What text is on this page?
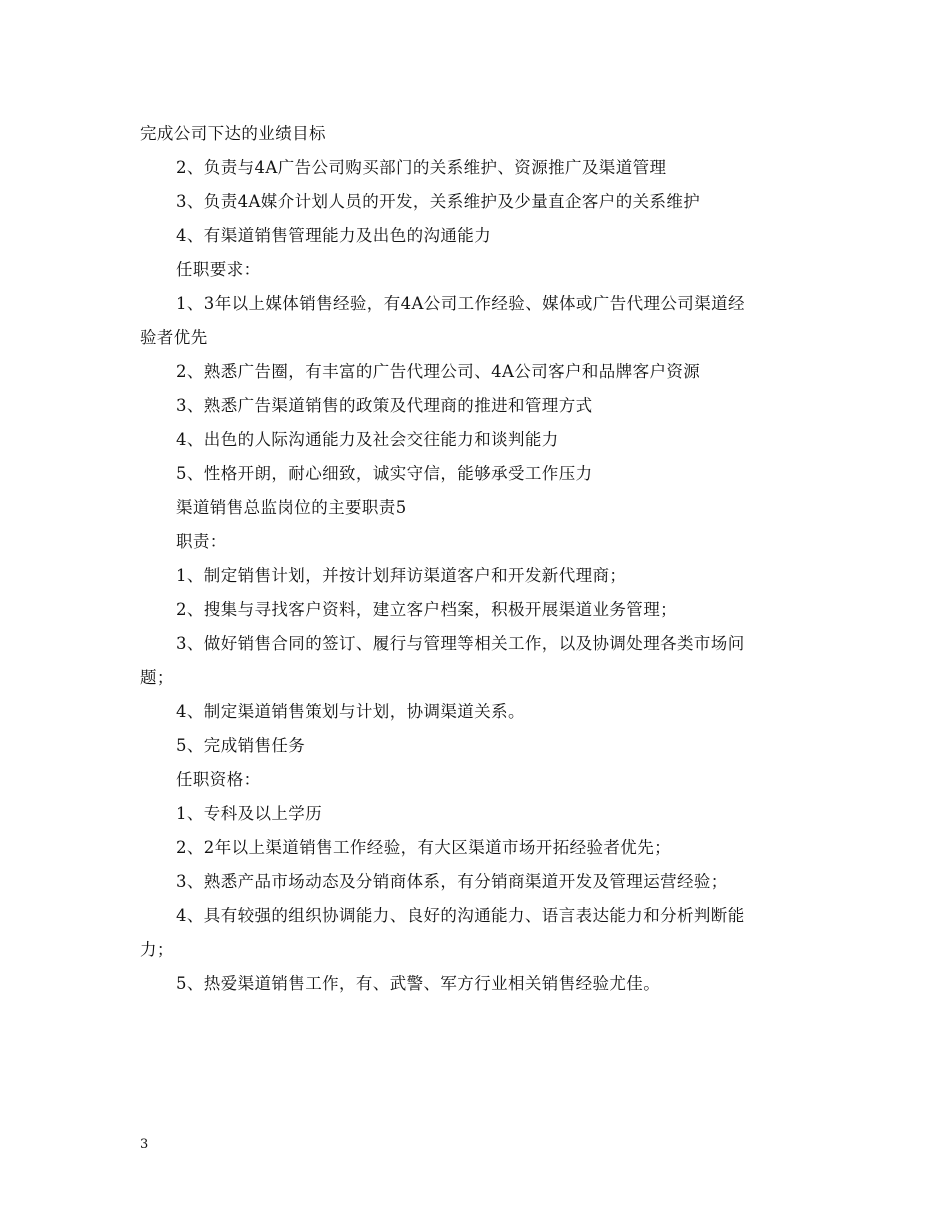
完成公司下达的业绩目标
2、负责与4A广告公司购买部门的关系维护、资源推广及渠道管理
3、负责4A媒介计划人员的开发，关系维护及少量直企客户的关系维护
4、有渠道销售管理能力及出色的沟通能力
任职要求：
1、3年以上媒体销售经验，有4A公司工作经验、媒体或广告代理公司渠道经
验者优先
2、熟悉广告圈，有丰富的广告代理公司、4A公司客户和品牌客户资源
3、熟悉广告渠道销售的政策及代理商的推进和管理方式
4、出色的人际沟通能力及社会交往能力和谈判能力
5、性格开朗，耐心细致，诚实守信，能够承受工作压力
渠道销售总监岗位的主要职责5
职责：
1、制定销售计划，并按计划拜访渠道客户和开发新代理商；
2、搜集与寻找客户资料，建立客户档案，积极开展渠道业务管理；
3、做好销售合同的签订、履行与管理等相关工作，以及协调处理各类市场问
题；
4、制定渠道销售策划与计划，协调渠道关系。
5、完成销售任务
任职资格：
1、专科及以上学历
2、2年以上渠道销售工作经验，有大区渠道市场开拓经验者优先；
3、熟悉产品市场动态及分销商体系，有分销商渠道开发及管理运营经验；
4、具有较强的组织协调能力、良好的沟通能力、语言表达能力和分析判断能
力；
5、热爱渠道销售工作，有、武警、军方行业相关销售经验尤佳。
3
